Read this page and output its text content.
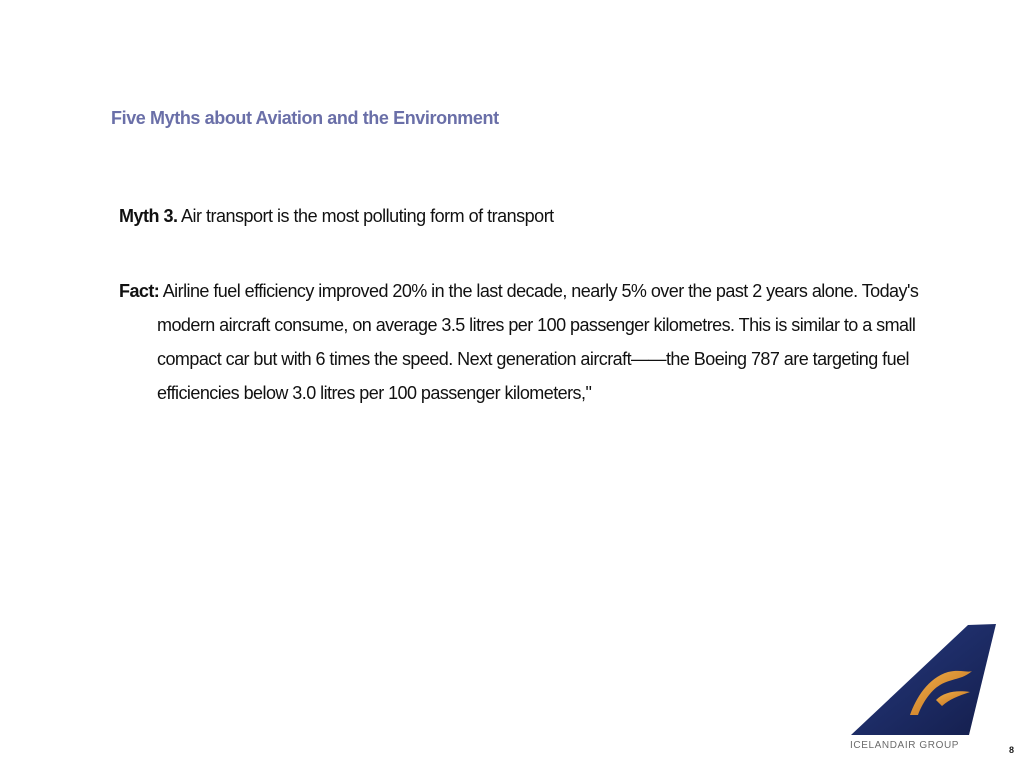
Five Myths about Aviation and the Environment

Myth 3. Air transport is the most polluting form of transport

Fact: Airline fuel efficiency improved 20% in the last decade, nearly 5% over the past 2 years alone. Today's modern aircraft consume, on average 3.5 litres per 100 passenger kilometres. This is similar to a small compact car but with 6 times the speed. Next generation aircraft——the Boeing 787 are targeting fuel efficiencies below 3.0 litres per 100 passenger kilometers,"

ICELANDAIR GROUP	8
